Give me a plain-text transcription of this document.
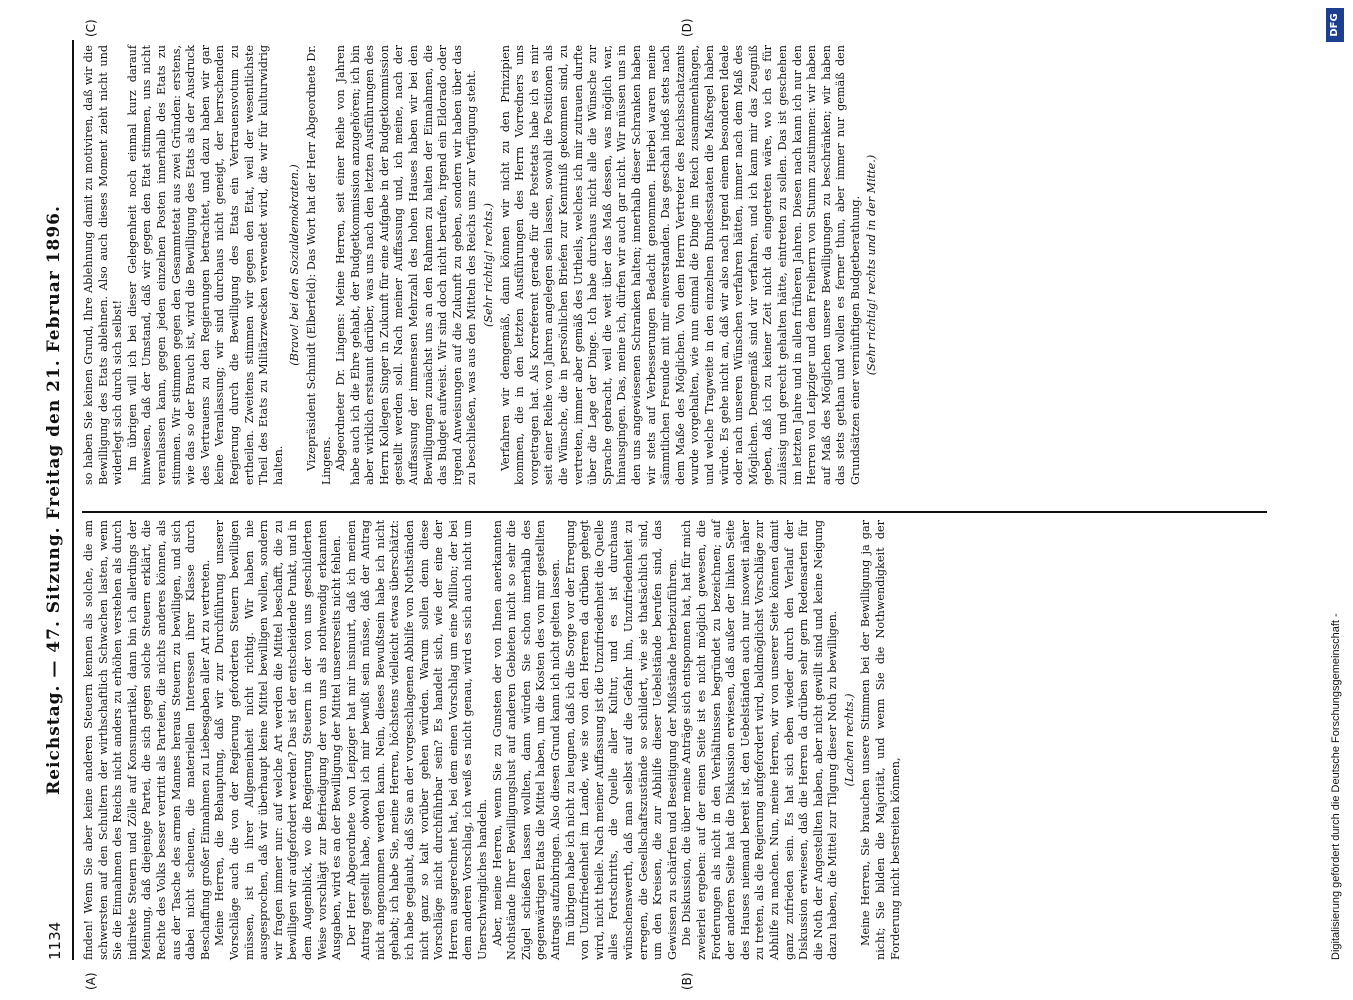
1134
Reichstag. — 47. Sitzung. Freitag den 21. Februar 1896.
(A)	(B)
(C)	(D)

finden! Wenn Sie aber keine anderen Steuern kennen als solche, die am schwersten auf den Schultern der wirthschaftlich Schwachen lasten, wenn Sie die Einnahmen des Reichs nicht anders zu erhöhen verstehen als durch indirekte Steuern und Zölle auf Konsumartikel, dann bin ich allerdings der Meinung, daß diejenige Partei, die sich gegen solche Steuern erklärt, die Rechte des Volks besser vertritt als Parteien, die nichts anderes können, als aus der Tasche des armen Mannes heraus Steuern zu bewilligen, und sich dabei nicht scheuen, die materiellen Interessen ihrer Klasse durch Beschaffung großer Einnahmen zu Liebesgaben aller Art zu vertreten. Meine Herren, die Behauptung, daß wir zur Durchführung unserer Vorschläge auch die von der Regierung geforderten Steuern bewilligen müssen, ist in ihrer Allgemeinheit nicht richtig. Wir haben nie ausgesprochen, daß wir überhaupt keine Mittel bewilligen wollen, sondern wir fragen immer nur: auf welche Art werden die Mittel beschafft, die zu bewilligen wir aufgefordert werden? Das ist der entscheidende Punkt, und in dem Augenblick, wo die Regierung Steuern in der von uns geschilderten Weise vorschlägt zur Befriedigung der von uns als nothwendig erkannten Ausgaben, wird es an der Bewilligung der Mittel unsererseits nicht fehlen. Der Herr Abgeordnete von Leipziger hat mir insinuirt, daß ich meinen Antrag gestellt habe, obwohl ich mir bewußt sein müsse, daß der Antrag nicht angenommen werden kann. Nein, dieses Bewußtsein habe ich nicht gehabt; ich habe Sie, meine Herren, höchstens vielleicht etwas überschätzt: ich habe geglaubt, daß Sie an der vorgeschlagenen Abhilfe von Nothständen nicht ganz so kalt vorüber gehen würden. Warum sollen denn diese Vorschläge nicht durchführbar sein? Es handelt sich, wie der eine der Herren ausgerechnet hat, bei dem einen Vorschlag um eine Million; der bei dem anderen Vorschlag, ich weiß es nicht genau, wird es sich auch nicht um Unerschwingliches handeln. Aber, meine Herren, wenn Sie zu Gunsten der von Ihnen anerkannten Nothstände Ihrer Bewilligungslust auf anderen Gebieten nicht so sehr die Zügel schießen lassen wollten, dann würden Sie schon innerhalb des gegenwärtigen Etats die Mittel haben, um die Kosten des von mir gestellten Antrags aufzubringen. Also diesen Grund kann ich nicht gelten lassen. Im übrigen habe ich nicht zu leugnen, daß ich die Sorge vor der Erregung von Unzufriedenheit im Lande, wie sie von den Herren da drüben gehegt wird, nicht theile. Nach meiner Auffassung ist die Unzufriedenheit die Quelle alles Fortschritts, die Quelle aller Kultur, und es ist durchaus wünschenswerth, daß man selbst auf die Gefahr hin, Unzufriedenheit zu erregen, die Gesellschaftszustände so schildert, wie sie thatsächlich sind, um den Kreisen, die zur Abhilfe dieser Uebelstände berufen sind, das Gewissen zu schärfen und Beseitigung der Mißstände herbeizuführen. Die Diskussion, die über meine Anträge sich entsponnen hat, hat für mich zweierlei ergeben: auf der einen Seite ist es nicht möglich gewesen, die Forderungen als nicht in den Verhältnissen begründet zu bezeichnen; auf der anderen Seite hat die Diskussion erwiesen, daß außer der linken Seite des Hauses niemand bereit ist, den Uebelständen auch nur insoweit näher zu treten, als die Regierung aufgefordert wird, baldmöglichst Vorschläge zur Abhilfe zu machen. Nun, meine Herren, wir von unserer Seite können damit ganz zufrieden sein. Es hat sich eben wieder durch den Verlauf der Diskussion erwiesen, daß die Herren da drüben sehr gern Redensarten für die Noth der Angestellten haben, aber nicht gewillt sind und keine Neigung dazu haben, die Mittel zur Tilgung dieser Noth zu bewilligen. (Lachen rechts.) Meine Herren, Sie brauchen unsere Stimmen bei der Bewilligung ja gar nicht; Sie bilden die Majorität, und wenn Sie die Nothwendigkeit der Forderung nicht bestreiten können,

so haben Sie keinen Grund, Ihre Ablehnung damit zu motiviren, daß wir die Bewilligung des Etats ablehnen. Also auch dieses Moment zieht nicht und widerlegt sich durch sich selbst! Im übrigen will ich bei dieser Gelegenheit noch einmal kurz darauf hinweisen, daß der Umstand, daß wir gegen den Etat stimmen, uns nicht veranlassen kann, gegen jeden einzelnen Posten innerhalb des Etats zu stimmen. Wir stimmen gegen den Gesammtetat aus zwei Gründen: erstens, wie das so der Brauch ist, wird die Bewilligung des Etats als der Ausdruck des Vertrauens zu den Regierungen betrachtet, und dazu haben wir gar keine Veranlassung; wir sind durchaus nicht geneigt, der herrschenden Regierung durch die Bewilligung des Etats ein Vertrauensvotum zu ertheilen. Zweitens stimmen wir gegen den Etat, weil der wesentlichste Theil des Etats zu Militärzwecken verwendet wird, die wir für kulturwidrig halten.

(Bravo! bei den Sozialdemokraten.) Vizepräsident Schmidt (Elberfeld): Das Wort hat der Herr Abgeordnete Dr. Lingens. Abgeordneter Dr. Lingens: Meine Herren, seit einer Reihe von Jahren habe auch ich die Ehre gehabt, der Budgetkommission anzugehören; ich bin aber wirklich erstaunt darüber, was uns nach den letzten Ausführungen des Herrn Kollegen Singer in Zukunft für eine Aufgabe in der Budgetkommission gestellt werden soll. Nach meiner Auffassung und, ich meine, nach der Auffassung der immensen Mehrzahl des hohen Hauses haben wir bei den Bewilligungen zunächst uns an den Rahmen zu halten der Einnahmen, die das Budget aufweist. Wir sind doch nicht berufen, irgend ein Eldorado oder irgend Anweisungen auf die Zukunft zu geben, sondern wir haben über das zu beschließen, was aus den Mitteln des Reichs uns zur Verfügung steht. (Sehr richtig! rechts.) Verfahren wir demgemäß, dann können wir nicht zu den Prinzipien kommen, die in den letzten Ausführungen des Herrn Vorredners uns vorgetragen hat. Als Korreferent gerade für die Postetats habe ich es mir seit einer Reihe von Jahren angelegen sein lassen, sowohl die Positionen als die Wünsche, die in persönlichen Briefen zur Kenntniß gekommen sind, zu vertreten, immer aber gemäß des Urtheils, welches ich mir zutrauen durfte über die Lage der Dinge. Ich habe durchaus nicht alle die Wünsche zur Sprache gebracht, weil die weit über das Maß dessen, was möglich war, hinausgingen. Das, meine ich, dürfen wir auch gar nicht. Wir müssen uns in den uns angewiesenen Schranken halten; innerhalb dieser Schranken haben wir stets auf Verbesserungen Bedacht genommen. Hierbei waren meine sämmtlichen Freunde mit mir einverstanden. Das geschah indeß stets nach dem Maße des Möglichen. Von dem Herrn Vertreter des Reichsschatzamts wurde vorgehalten, wie nun einmal die Dinge im Reich zusammenhängen, und welche Tragweite in den einzelnen Bundesstaaten die Maßregel haben würde. Es gehe nicht an, daß wir also nach irgend einem besonderen Ideale oder nach unseren Wünschen verfahren hätten, immer nach dem Maß des Möglichen. Demgemäß sind wir verfahren, und ich kann mir das Zeugniß geben, daß ich zu keiner Zeit nicht da eingetreten wäre, wo ich es für zulässig und gerecht gehalten hätte, eintreten zu sollen. Das ist geschehen im letzten Jahre und in allen früheren Jahren. Diesen nach kann ich nur den Herren von Leipziger und dem Freiherrn von Stumm zustimmen: wir haben auf Maß des Möglichen unsere Bewilligungen zu beschränken; wir haben das stets gethan und wollen es ferner thun, aber immer nur gemäß den Grundsätzen einer vernünftigen Budgetberathung. (Sehr richtig! rechts und in der Mitte.)

Digitalisierung gefördert durch die Deutsche Forschungsgemeinschaft -
DFG
